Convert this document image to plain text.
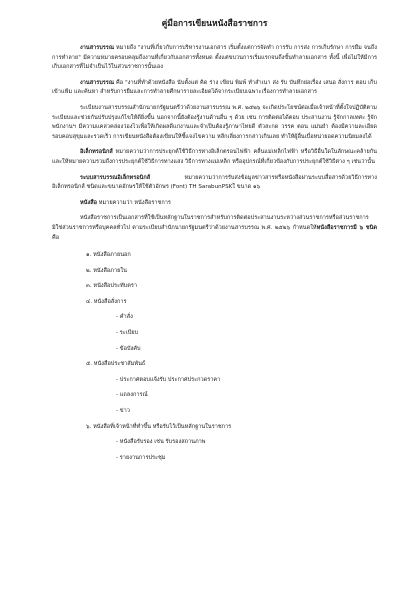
คู่มือการเขียนหนังสือราชการ

งานสารบรรณ หมายถึง "งานที่เกี่ยวกับการบริหารงานเอกสาร เริ่มตั้งแต่การจัดทำ การรับ การส่ง การเก็บรักษา การยืม จนถึงการทำลาย" มีความหมายครอบคลุมถึงงานที่เกี่ยวกับเอกสารทั้งหมด ตั้งแต่ขบวนการเริ่มแรกจนถึงขั้นทำลายเอกสาร ทั้งนี้ เพื่อไม่ให้มีการเก็บเอกสารที่ไม่จำเป็นไว้ในส่วนราชการนั้นเอง

งานสารบรรณ คือ "งานที่ทำด้วยหนังสือ นับตั้งแต่ คิด ร่าง เขียน พิมพ์ ทำสำเนา ส่ง รับ บันทึกย่อเรื่อง เสนอ สั่งการ ตอบ เก็บเข้าแฟ้ม และค้นหา สำหรับการยืมและการทำลายศึกษารายละเอียดได้จากระเบียบเฉพาะเรื่องการทำลายเอกสาร

ระเบียบงานสารบรรณสำนักนายกรัฐมนตรีว่าด้วยงานสารบรรณ พ.ศ. ๒๕๒๖ จะเกิดประโยชน์ต่อเมื่อเจ้าหน้าที่ตั้งใจปฏิบัติตามระเบียบและช่วยกันปรับปรุงแก้ไขให้ดียิ่งขึ้น นอกจากนี้ยังต้องรู้งานด้านอื่น ๆ ด้วย เช่น การติดต่อได้ตอบ ประสานงาน รู้จักกาลเทศะ รู้จักพนักงานฯ มีความแคล่วคล่องว่องไวเพื่อให้เกิดผลดีแก่งานและจำเป็นต้องรู้ภาษาไทยดี ตัวสะกด วรรค ตอน แม่นยำ ต้องมีความละเอียดรอบคอบสุขุมและรวดเร็ว การเขียนหนังสือต้องเขียนให้ชี้แจงไขความ หลีกเลี่ยงการกล่าวเกินเลย ทำให้ผู้อื่นเบื่อหน่ายอดความนิยมลงได้

อิเล็กทรอนิกส์ หมายความว่าการประยุกต์ใช้วิธีการทางอิเล็กตรอนไฟฟ้า คลื่นแม่เหล็กไฟฟ้า หรือวิธีอื่นใดในลักษณะคล้ายกัน และให้หมายความรวมถึงการประยุกต์ใช้วิธีการทางแสง วิธีการทางแม่เหล็ก หรืออุปกรณ์ที่เกี่ยวข้องกับการประยุกต์ใช้วิธีต่าง ๆ เช่นว่านั้น

ระบบสารบรรณอิเล็กทรอนิกส์ หมายความว่าการรับส่งข้อมูลข่าวสารหรือหนังสือผ่านระบบสื่อสารด้วยวิธีการทางอิเล็กทรอนิกส์ ชนิดและขนาดอักษรให้ใช้ตัวอักษร (Font) TH SarabunPSKใ ขนาด ๑๖

หนังสือ หมายความว่า หนังสือราชการ

หนังสือราชการเป็นเอกสารที่ใช้เป็นหลักฐานในราชการสำหรับการติดต่อประสานงานระหว่างส่วนราชการหรือส่วนราชการมิใช่ส่วนราชการหรือบุคคลทั่วไป ตามระเบียบสำนักนายกรัฐมนตรีว่าด้วยงานสารบรรณ พ.ศ. ๒๕๒๖ กำหนดให้หนังสือราชการมี ๖ ชนิด คือ

๑. หนังสือภายนอก
๒. หนังสือภายใน
๓. หนังสือประทับตรา
๔. หนังสือสั่งการ
- คำสั่ง
- ระเบียบ
- ข้อบังคับ
๕. หนังสือประชาสัมพันธ์
- ประกาศตอบแจ้งรับ ประกาศประกวดราคา
- แถลงการณ์
- ข่าว
๖. หนังสือที่เจ้าหน้าที่ทำขึ้น หรือรับไว้เป็นหลักฐานในราชการ
- หนังสือรับรอง เช่น รับรองสถานภาพ
- รายงานการประชุม
